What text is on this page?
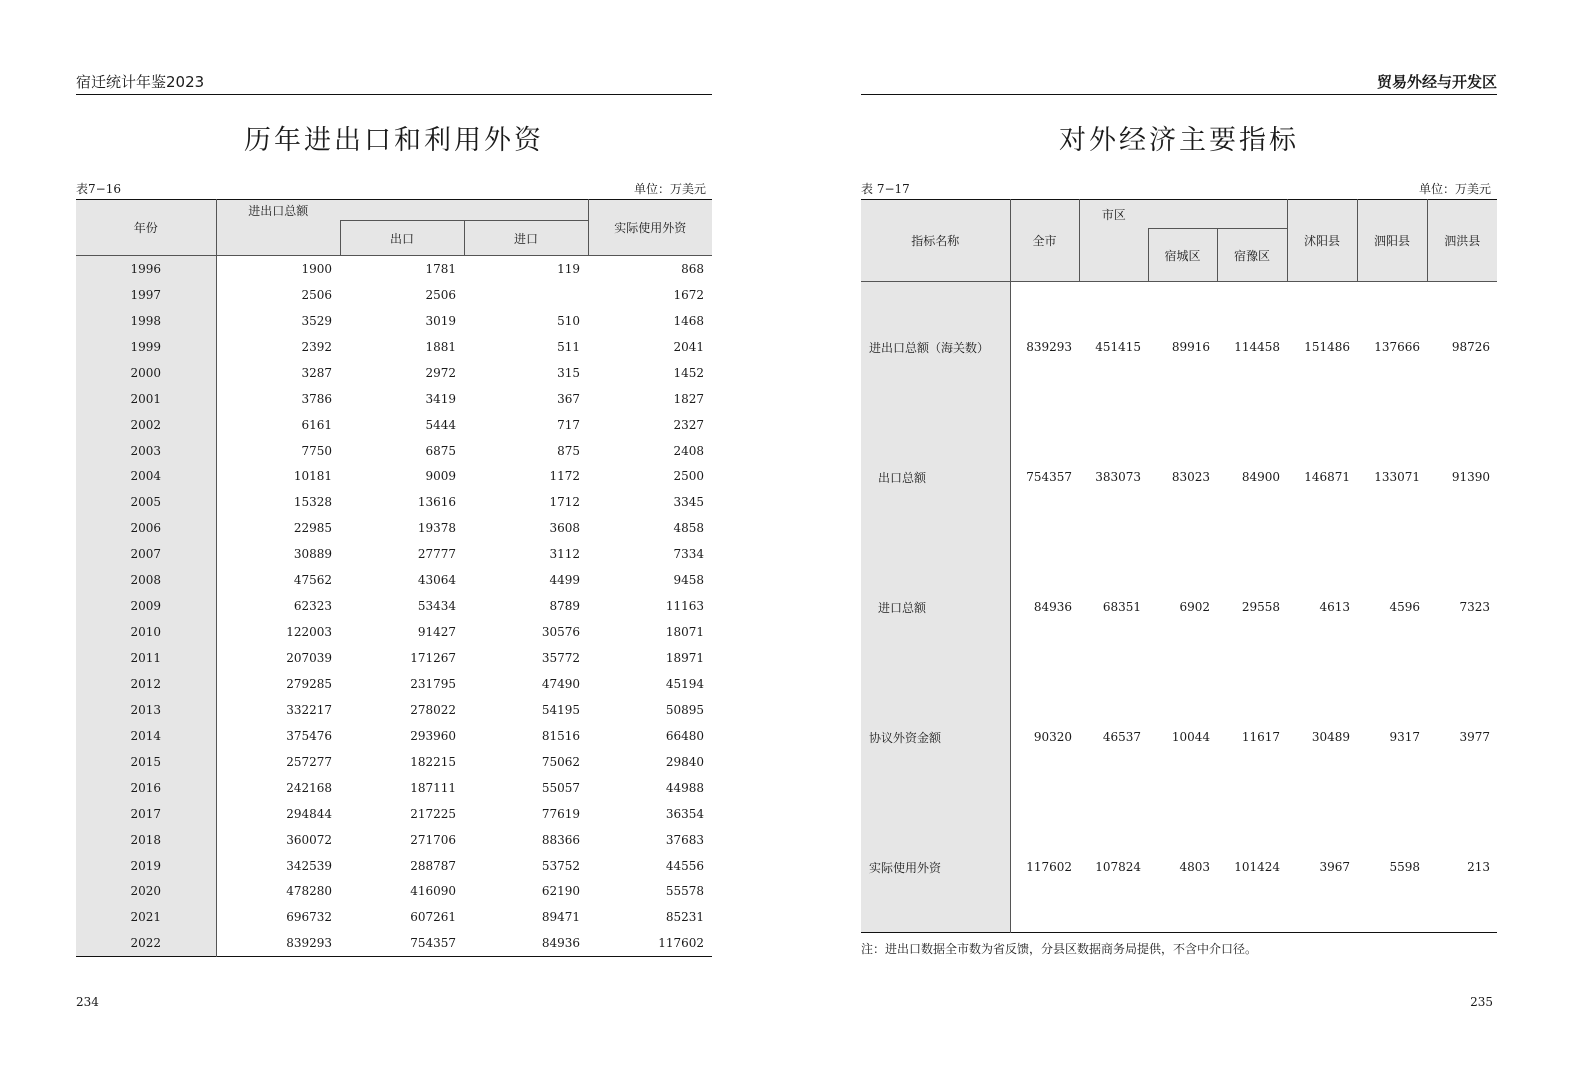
宿迁统计年鉴2023
历年进出口和利用外资
表7−16	单位：万美元
年份	进出口总额			实际使用外资
		出口	进口	
1996	1900	1781	119	868
1997	2506	2506		1672
1998	3529	3019	510	1468
1999	2392	1881	511	2041
2000	3287	2972	315	1452
2001	3786	3419	367	1827
2002	6161	5444	717	2327
2003	7750	6875	875	2408
2004	10181	9009	1172	2500
2005	15328	13616	1712	3345
2006	22985	19378	3608	4858
2007	30889	27777	3112	7334
2008	47562	43064	4499	9458
2009	62323	53434	8789	11163
2010	122003	91427	30576	18071
2011	207039	171267	35772	18971
2012	279285	231795	47490	45194
2013	332217	278022	54195	50895
2014	375476	293960	81516	66480
2015	257277	182215	75062	29840
2016	242168	187111	55057	44988
2017	294844	217225	77619	36354
2018	360072	271706	88366	37683
2019	342539	288787	53752	44556
2020	478280	416090	62190	55578
2021	696732	607261	89471	85231
2022	839293	754357	84936	117602
234
贸易外经与开发区
对外经济主要指标
表 7−17	单位：万美元
指标名称	全市	市区			沭阳县	泗阳县	泗洪县
			宿城区	宿豫区			
进出口总额（海关数）	839293	451415	89916	114458	151486	137666	98726
出口总额	754357	383073	83023	84900	146871	133071	91390
进口总额	84936	68351	6902	29558	4613	4596	7323
协议外资金额	90320	46537	10044	11617	30489	9317	3977
实际使用外资	117602	107824	4803	101424	3967	5598	213
注：进出口数据全市数为省反馈，分县区数据商务局提供，不含中介口径。
235
